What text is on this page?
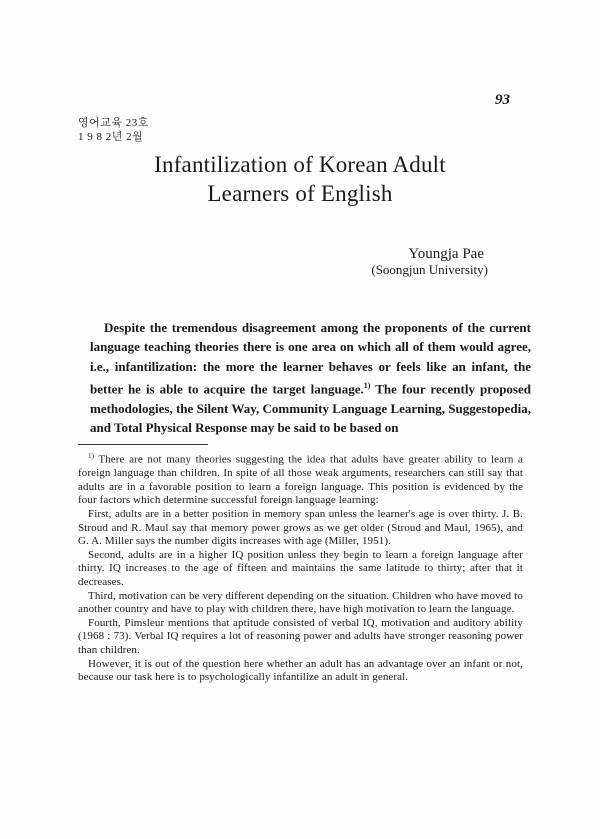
93
영어교육 23호
1 9 8 2년 2월
Infantilization of Korean Adult
Learners of English
Youngja Pae
(Soongjun University)

Despite the tremendous disagreement among the proponents of the current language teaching theories there is one area on which all of them would agree, i.e., infantilization: the more the learner behaves or feels like an infant, the better he is able to acquire the target language.$^{1)}$ The four recently proposed methodologies, the Silent Way, Community Language Learning, Suggestopedia, and Total Physical Response may be said to be based on

$^{1)}$ There are not many theories suggesting the idea that adults have greater ability to learn a foreign language than children. In spite of all those weak arguments, researchers can still say that adults are in a favorable position to learn a foreign language. This position is evidenced by the four factors which determine successful foreign language learning:

First, adults are in a better position in memory span unless the learner's age is over thirty. J. B. Stroud and R. Maul say that memory power grows as we get older (Stroud and Maul, 1965), and G. A. Miller says the number digits increases with age (Miller, 1951).

Second, adults are in a higher IQ position unless they begin to learn a foreign language after thirty. IQ increases to the age of fifteen and maintains the same latitude to thirty; after that it decreases.

Third, motivation can be very different depending on the situation. Children who have moved to another country and have to play with children there, have high motivation to learn the language.

Fourth, Pimsleur mentions that aptitude consisted of verbal IQ, motivation and auditory ability (1968 : 73). Verbal IQ requires a lot of reasoning power and adults have stronger reasoning power than children.

However, it is out of the question here whether an adult has an advantage over an infant or not, because our task here is to psychologically infantilize an adult in general.
